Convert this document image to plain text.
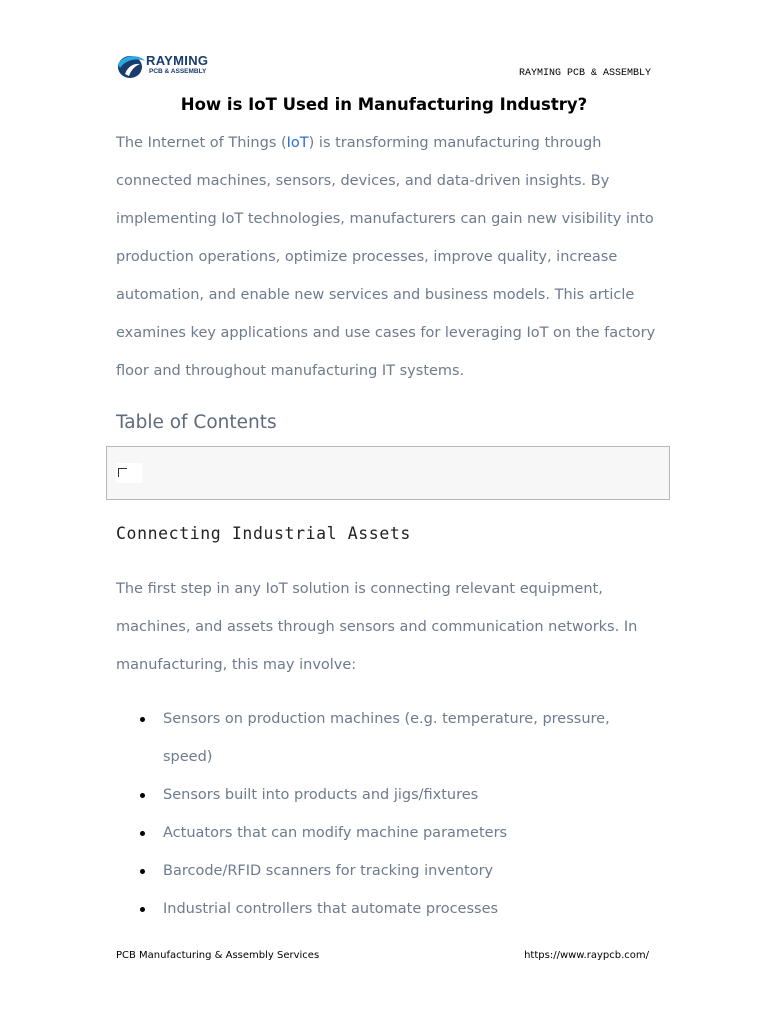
RAYMING
PCB & ASSEMBLY	RAYMING PCB & ASSEMBLY
How is IoT Used in Manufacturing Industry?

The Internet of Things (IoT) is transforming manufacturing through connected machines, sensors, devices, and data-driven insights. By implementing IoT technologies, manufacturers can gain new visibility into production operations, optimize processes, improve quality, increase automation, and enable new services and business models. This article examines key applications and use cases for leveraging IoT on the factory floor and throughout manufacturing IT systems.

Table of Contents
Connecting Industrial Assets

The first step in any IoT solution is connecting relevant equipment, machines, and assets through sensors and communication networks. In manufacturing, this may involve:

Sensors on production machines (e.g. temperature, pressure, speed)
Sensors built into products and jigs/fixtures
Actuators that can modify machine parameters
Barcode/RFID scanners for tracking inventory
Industrial controllers that automate processes
PCB Manufacturing & Assembly Services	https://www.raypcb.com/
